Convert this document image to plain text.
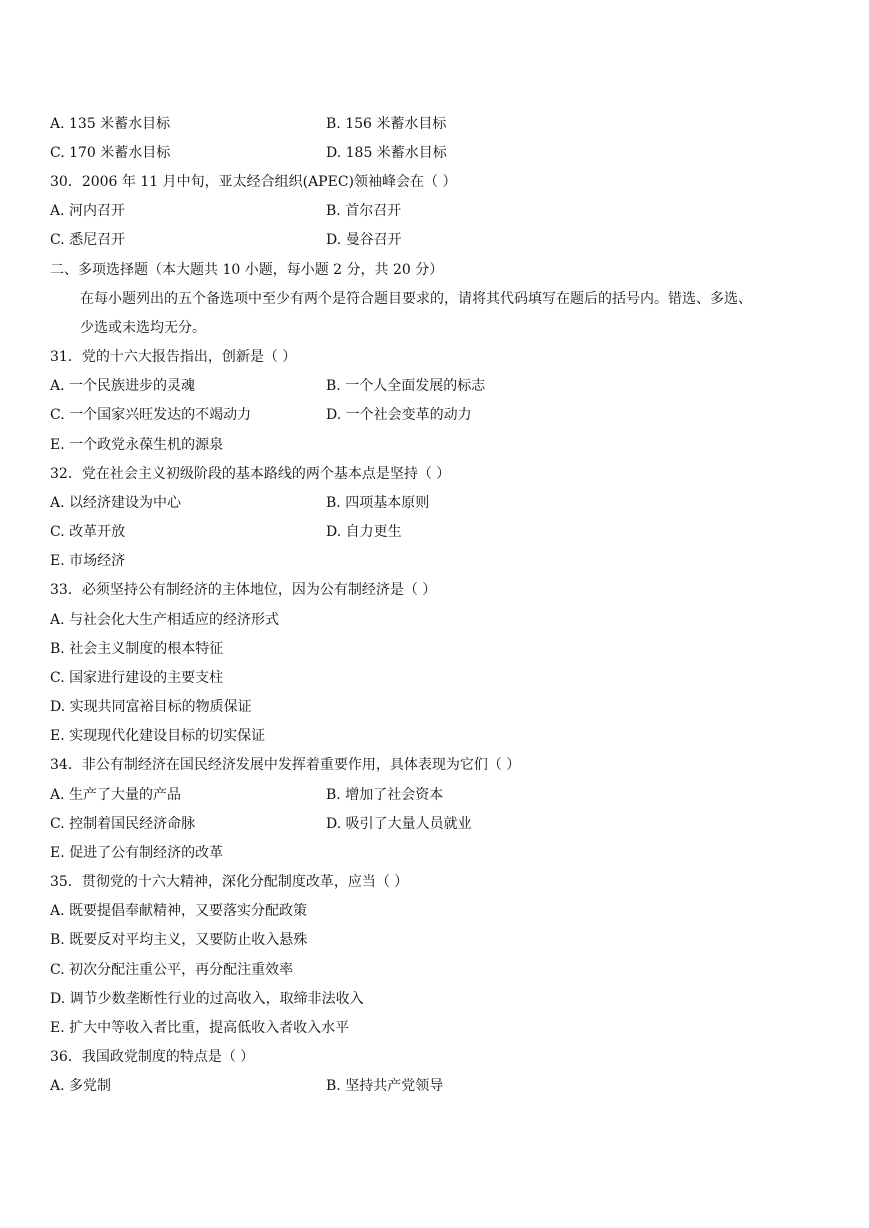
A. 135 米蓄水目标	B. 156 米蓄水目标
C. 170 米蓄水目标	D. 185 米蓄水目标
30．2006 年 11 月中旬，亚太经合组织(APEC)领袖峰会在（ ）
A. 河内召开	B. 首尔召开
C. 悉尼召开	D. 曼谷召开
二、多项选择题（本大题共 10 小题，每小题 2 分，共 20 分）
在每小题列出的五个备选项中至少有两个是符合题目要求的，请将其代码填写在题后的括号内。错选、多选、
少选或未选均无分。
31．党的十六大报告指出，创新是（ ）
A. 一个民族进步的灵魂	B. 一个人全面发展的标志
C. 一个国家兴旺发达的不竭动力	D. 一个社会变革的动力
E. 一个政党永葆生机的源泉
32．党在社会主义初级阶段的基本路线的两个基本点是坚持（ ）
A. 以经济建设为中心	B. 四项基本原则
C. 改革开放	D. 自力更生
E. 市场经济
33．必须坚持公有制经济的主体地位，因为公有制经济是（ ）
A. 与社会化大生产相适应的经济形式
B. 社会主义制度的根本特征
C. 国家进行建设的主要支柱
D. 实现共同富裕目标的物质保证
E. 实现现代化建设目标的切实保证
34．非公有制经济在国民经济发展中发挥着重要作用，具体表现为它们（ ）
A. 生产了大量的产品	B. 增加了社会资本
C. 控制着国民经济命脉	D. 吸引了大量人员就业
E. 促进了公有制经济的改革
35．贯彻党的十六大精神，深化分配制度改革，应当（ ）
A. 既要提倡奉献精神，又要落实分配政策
B. 既要反对平均主义，又要防止收入悬殊
C. 初次分配注重公平，再分配注重效率
D. 调节少数垄断性行业的过高收入，取缔非法收入
E. 扩大中等收入者比重，提高低收入者收入水平
36．我国政党制度的特点是（ ）
A. 多党制	B. 坚持共产党领导
